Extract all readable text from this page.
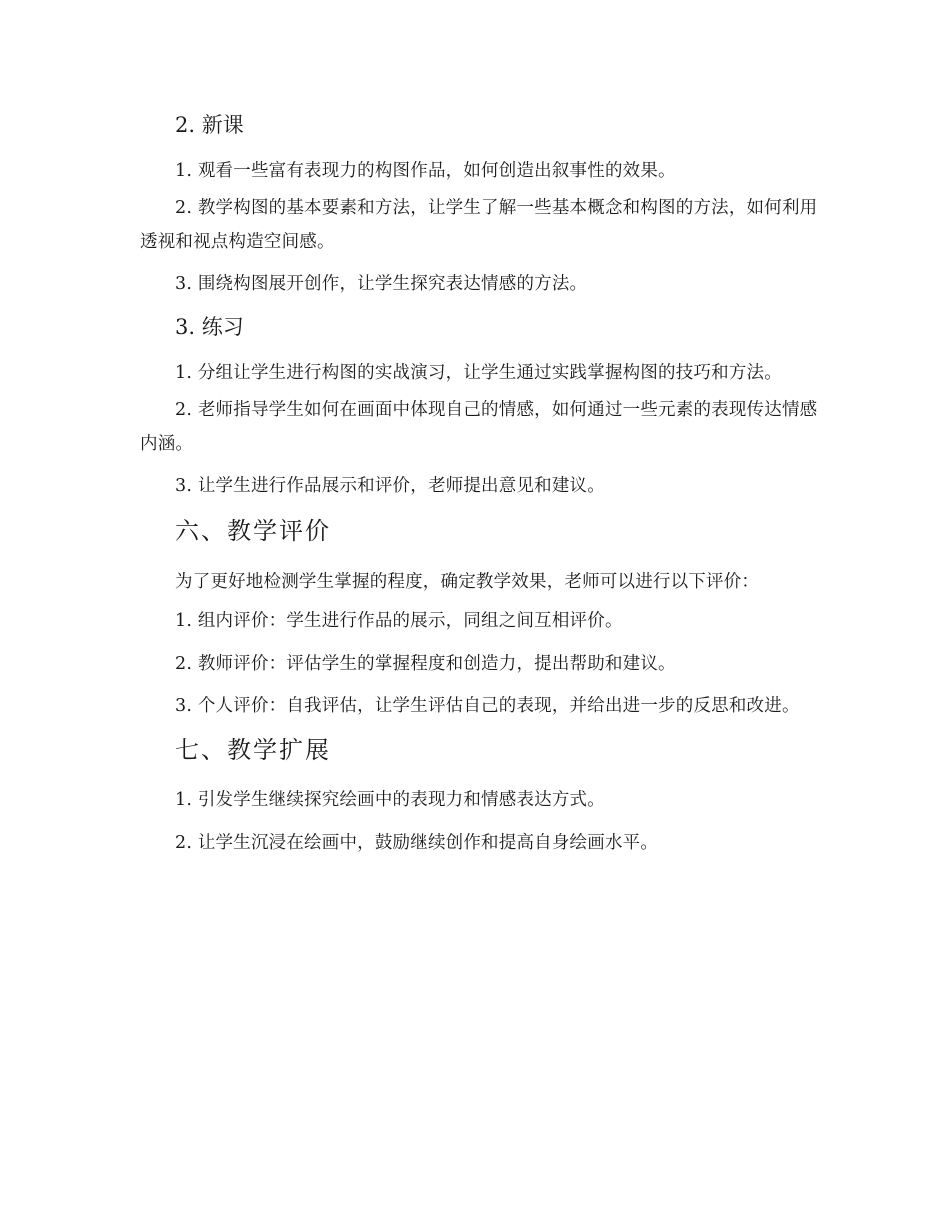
2. 新课
1. 观看一些富有表现力的构图作品，如何创造出叙事性的效果。
2. 教学构图的基本要素和方法，让学生了解一些基本概念和构图的方法，如何利用透视和视点构造空间感。
3. 围绕构图展开创作，让学生探究表达情感的方法。
3. 练习
1. 分组让学生进行构图的实战演习，让学生通过实践掌握构图的技巧和方法。
2. 老师指导学生如何在画面中体现自己的情感，如何通过一些元素的表现传达情感内涵。
3. 让学生进行作品展示和评价，老师提出意见和建议。
六、教学评价
为了更好地检测学生掌握的程度，确定教学效果，老师可以进行以下评价：
1. 组内评价：学生进行作品的展示，同组之间互相评价。
2. 教师评价：评估学生的掌握程度和创造力，提出帮助和建议。
3. 个人评价：自我评估，让学生评估自己的表现，并给出进一步的反思和改进。
七、教学扩展
1. 引发学生继续探究绘画中的表现力和情感表达方式。
2. 让学生沉浸在绘画中，鼓励继续创作和提高自身绘画水平。
